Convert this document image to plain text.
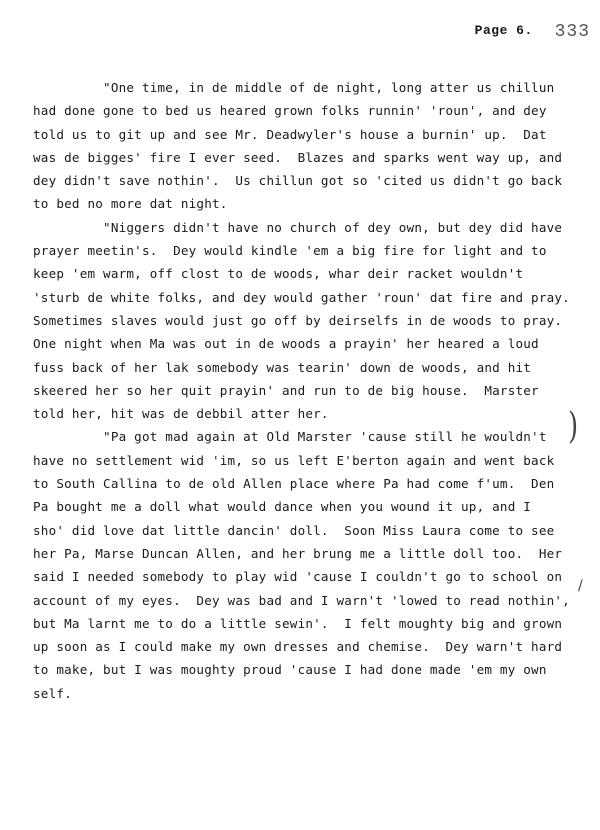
Page 6. 333
"One time, in de middle of de night, long atter us chillun
had done gone to bed us heared grown folks runnin' 'roun', and dey
told us to git up and see Mr. Deadwyler's house a burnin' up.  Dat
was de bigges' fire I ever seed.  Blazes and sparks went way up, and
dey didn't save nothin'.  Us chillun got so 'cited us didn't go back
to bed no more dat night.
"Niggers didn't have no church of dey own, but dey did have
prayer meetin's.  Dey would kindle 'em a big fire for light and to
keep 'em warm, off clost to de woods, whar deir racket wouldn't
'sturb de white folks, and dey would gather 'roun' dat fire and pray.
Sometimes slaves would just go off by deirselfs in de woods to pray.
One night when Ma was out in de woods a prayin' her heared a loud
fuss back of her lak somebody was tearin' down de woods, and hit
skeered her so her quit prayin' and run to de big house.  Marster
told her, hit was de debbil atter her.
"Pa got mad again at Old Marster 'cause still he wouldn't
have no settlement wid 'im, so us left E'berton again and went back
to South Callina to de old Allen place where Pa had come f'um.  Den
Pa bought me a doll what would dance when you wound it up, and I
sho' did love dat little dancin' doll.  Soon Miss Laura come to see
her Pa, Marse Duncan Allen, and her brung me a little doll too.  Her
said I needed somebody to play wid 'cause I couldn't go to school on
account of my eyes.  Dey was bad and I warn't 'lowed to read nothin',
but Ma larnt me to do a little sewin'.  I felt moughty big and grown
up soon as I could make my own dresses and chemise.  Dey warn't hard
to make, but I was moughty proud 'cause I had done made 'em my own
self.
)
/
